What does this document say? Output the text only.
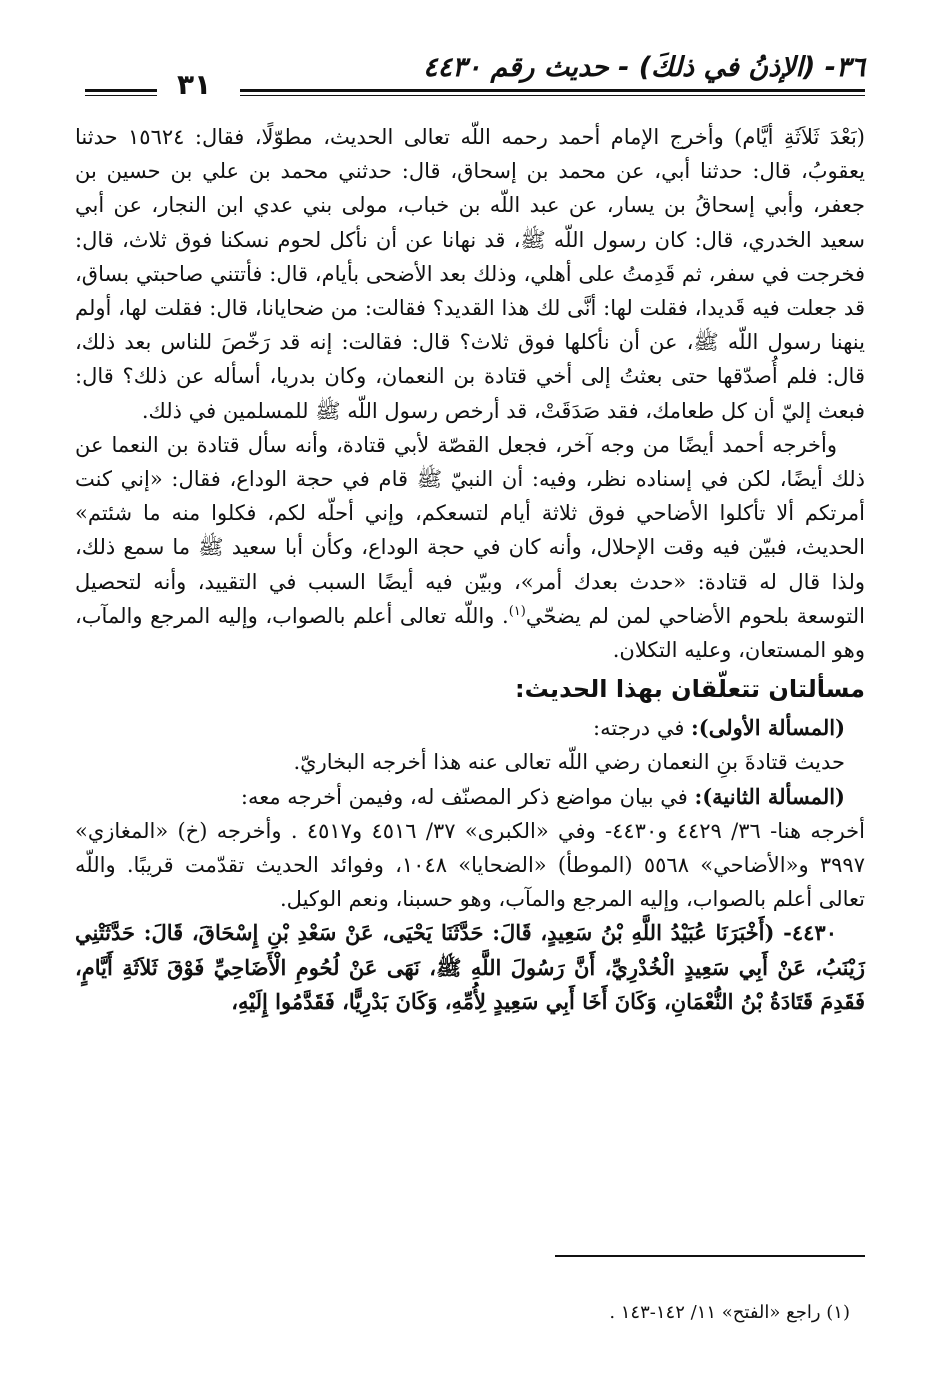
٣٦- (الإذنُ في ذلكَ) - حديث رقم ٤٤٣٠
٣١

(بَعْدَ ثَلاَثَةِ أيَّام) وأخرج الإمام أحمد رحمه اللّه تعالى الحديث، مطوّلًا، فقال: ١٥٦٢٤ حدثنا يعقوبُ، قال: حدثنا أبي، عن محمد بن إسحاق، قال: حدثني محمد بن علي بن حسين بن جعفر، وأبي إسحاقُ بن يسار، عن عبد اللّه بن خباب، مولى بني عدي ابن النجار، عن أبي سعيد الخدري، قال: كان رسول اللّه ﷺ، قد نهانا عن أن نأكل لحوم نسكنا فوق ثلاث، قال: فخرجت في سفر، ثم قَدِمتُ على أهلي، وذلك بعد الأضحى بأيام، قال: فأتتني صاحبتي بساق، قد جعلت فيه قَديدا، فقلت لها: أنَّى لك هذا القديد؟ فقالت: من ضحايانا، قال: فقلت لها، أولم ينهنا رسول اللّه ﷺ، عن أن نأكلها فوق ثلاث؟ قال: فقالت: إنه قد رَخّصَ للناس بعد ذلك، قال: فلم أُصدّقها حتى بعثتُ إلى أخي قتادة بن النعمان، وكان بدريا، أسأله عن ذلك؟ قال: فبعث إليّ أن كل طعامك، فقد صَدَقَتْ، قد أرخص رسول اللّه ﷺ للمسلمين في ذلك.

وأخرجه أحمد أيضًا من وجه آخر، فجعل القصّة لأبي قتادة، وأنه سأل قتادة بن النعما عن ذلك أيضًا، لكن في إسناده نظر، وفيه: أن النبيّ ﷺ قام في حجة الوداع، فقال: «إني كنت أمرتكم ألا تأكلوا الأضاحي فوق ثلاثة أيام لتسعكم، وإني أحلّه لكم، فكلوا منه ما شئتم» الحديث، فبيّن فيه وقت الإحلال، وأنه كان في حجة الوداع، وكأن أبا سعيد ﷺ ما سمع ذلك، ولذا قال له قتادة: «حدث بعدك أمر»، وبيّن فيه أيضًا السبب في التقييد، وأنه لتحصيل التوسعة بلحوم الأضاحي لمن لم يضحّي$^{(١)}$. واللّه تعالى أعلم بالصواب، وإليه المرجع والمآب، وهو المستعان، وعليه التكلان.

مسألتان تتعلّقان بهذا الحديث:

(المسألة الأولى): في درجته:

حديث قتادةَ بنِ النعمان رضي اللّه تعالى عنه هذا أخرجه البخاريّ.

(المسألة الثانية): في بيان مواضع ذكر المصنّف له، وفيمن أخرجه معه:

أخرجه هنا- ٣٦/ ٤٤٢٩ و٤٤٣٠- وفي «الكبرى» ٣٧/ ٤٥١٦ و٤٥١٧ . وأخرجه (خ) «المغازي» ٣٩٩٧ و«الأضاحي» ٥٥٦٨ (الموطأ) «الضحايا» ١٠٤٨، وفوائد الحديث تقدّمت قريبًا. واللّه تعالى أعلم بالصواب، وإليه المرجع والمآب، وهو حسبنا، ونعم الوكيل.

٤٤٣٠- (أَخْبَرَنَا عُبَيْدُ اللَّهِ بْنُ سَعِيدٍ، قَالَ: حَدَّثَنَا يَحْيَى، عَنْ سَعْدِ بْنِ إِسْحَاقَ، قَالَ: حَدَّثَتْنِي زَيْنَبُ، عَنْ أَبِي سَعِيدٍ الْخُدْرِيِّ، أَنَّ رَسُولَ اللَّهِ ﷺ، نَهَى عَنْ لُحُومِ الْأَضَاحِيِّ فَوْقَ ثَلاَثَةِ أَيَّامٍ، فَقَدِمَ قَتَادَةُ بْنُ النُّعْمَانِ، وَكَانَ أَخَا أَبِي سَعِيدٍ لِأُمِّهِ، وَكَانَ بَدْرِيًّا، فَقَدَّمُوا إِلَيْهِ،

(١) راجع «الفتح» ١١/ ١٤٢-١٤٣ .
